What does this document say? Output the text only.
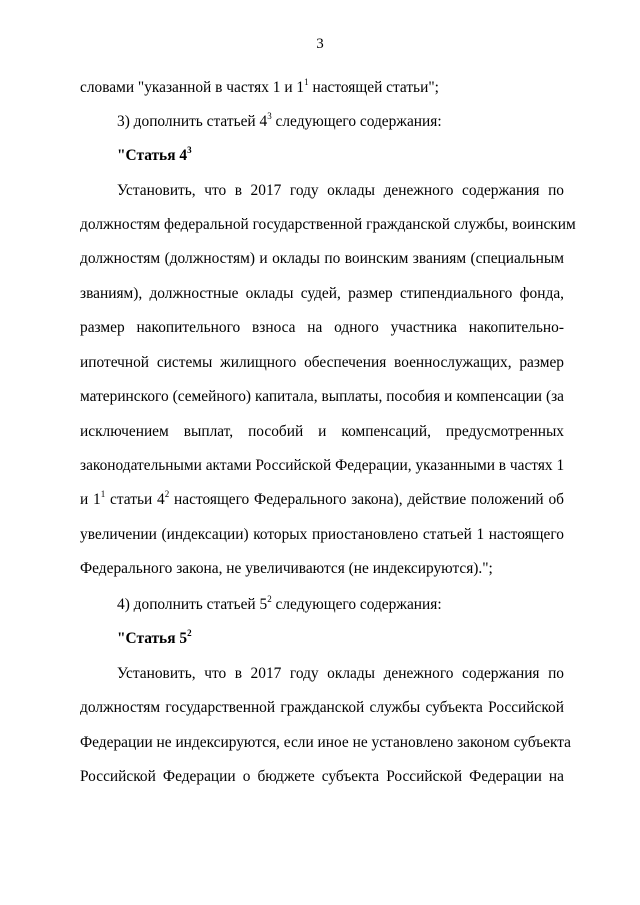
3
словами "указанной в частях 1 и $1^1$ настоящей статьи";
3) дополнить статьей $4^3$ следующего содержания:
"Статья $4^3$
Установить, что в 2017 году оклады денежного содержания по
должностям федеральной государственной гражданской службы, воинским
должностям (должностям) и оклады по воинским званиям (специальным
званиям), должностные оклады судей, размер стипендиального фонда,
размер накопительного взноса на одного участника накопительно-
ипотечной системы жилищного обеспечения военнослужащих, размер
материнского (семейного) капитала, выплаты, пособия и компенсации (за
исключением выплат, пособий и компенсаций, предусмотренных
законодательными актами Российской Федерации, указанными в частях 1
и $1^1$ статьи $4^2$ настоящего Федерального закона), действие положений об
увеличении (индексации) которых приостановлено статьей 1 настоящего
Федерального закона, не увеличиваются (не индексируются).";
4) дополнить статьей $5^2$ следующего содержания:
"Статья $5^2$
Установить, что в 2017 году оклады денежного содержания по
должностям государственной гражданской службы субъекта Российской
Федерации не индексируются, если иное не установлено законом субъекта
Российской Федерации о бюджете субъекта Российской Федерации на
